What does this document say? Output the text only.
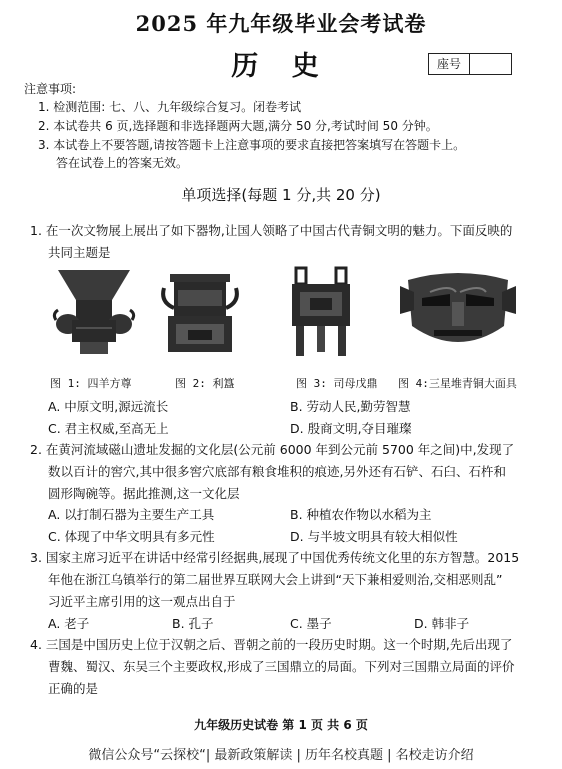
2025 年九年级毕业会考试卷
历 史	座号
注意事项:
1. 检测范围: 七、八、九年级综合复习。闭卷考试
2. 本试卷共 6 页,选择题和非选择题两大题,满分 50 分,考试时间 50 分钟。
3. 本试卷上不要答题,请按答题卡上注意事项的要求直接把答案填写在答题卡上。
答在试卷上的答案无效。
单项选择(每题 1 分,共 20 分)
1. 在一次文物展上展出了如下器物,让国人领略了中国古代青铜文明的魅力。下面反映的
共同主题是
图 1: 四羊方尊	图 2: 利簋	图 3: 司母戊鼎 图 4:三星堆青铜大面具
A. 中原文明,源远流长	B. 劳动人民,勤劳智慧
C. 君主权威,至高无上	D. 殷商文明,夺目璀璨
2. 在黄河流域磁山遗址发掘的文化层(公元前 6000 年到公元前 5700 年之间)中,发现了
数以百计的窖穴,其中很多窖穴底部有粮食堆积的痕迹,另外还有石铲、石臼、石杵和
圆形陶碗等。据此推测,这一文化层
A. 以打制石器为主要生产工具	B. 种植农作物以水稻为主
C. 体现了中华文明具有多元性	D. 与半坡文明具有较大相似性
3. 国家主席习近平在讲话中经常引经据典,展现了中国优秀传统文化里的东方智慧。2015
年他在浙江乌镇举行的第二届世界互联网大会上讲到“天下兼相爱则治,交相恶则乱”
习近平主席引用的这一观点出自于
A. 老子	B. 孔子	C. 墨子	D. 韩非子
4. 三国是中国历史上位于汉朝之后、晋朝之前的一段历史时期。这一个时期,先后出现了
曹魏、蜀汉、东吴三个主要政权,形成了三国鼎立的局面。下列对三国鼎立局面的评价
正确的是
九年级历史试卷 第 1 页 共 6 页
微信公众号“云探校“| 最新政策解读 | 历年名校真题 | 名校走访介绍
